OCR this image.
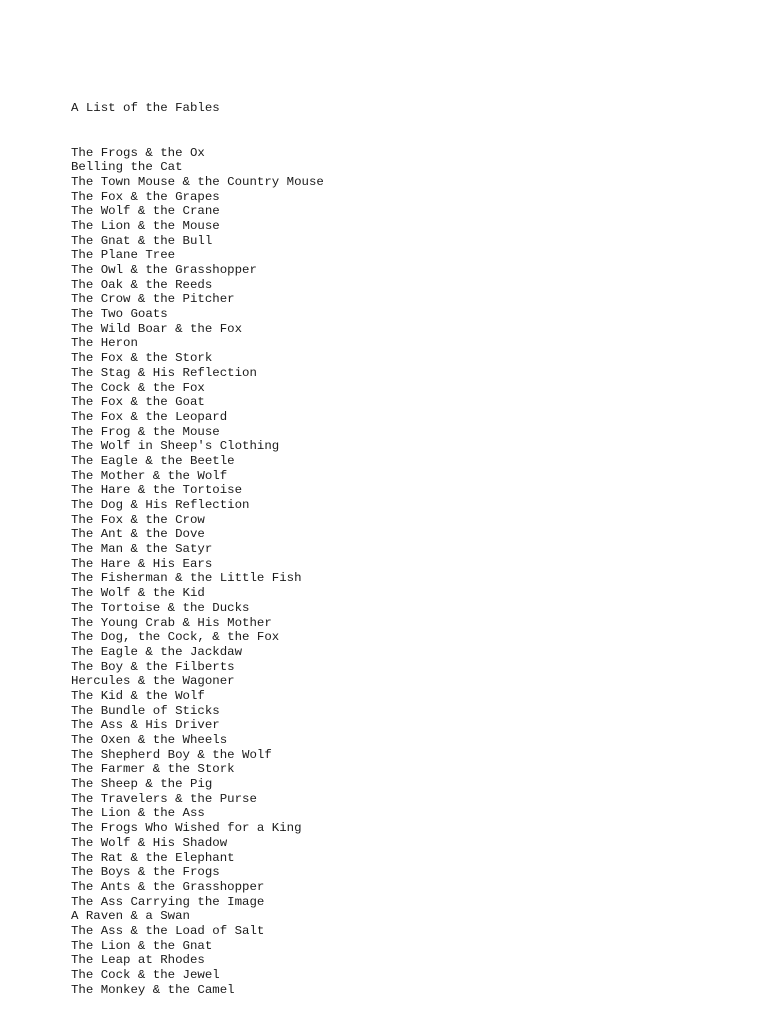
A List of the Fables

The Frogs & the Ox
Belling the Cat
The Town Mouse & the Country Mouse
The Fox & the Grapes
The Wolf & the Crane
The Lion & the Mouse
The Gnat & the Bull
The Plane Tree
The Owl & the Grasshopper
The Oak & the Reeds
The Crow & the Pitcher
The Two Goats
The Wild Boar & the Fox
The Heron
The Fox & the Stork
The Stag & His Reflection
The Cock & the Fox
The Fox & the Goat
The Fox & the Leopard
The Frog & the Mouse
The Wolf in Sheep's Clothing
The Eagle & the Beetle
The Mother & the Wolf
The Hare & the Tortoise
The Dog & His Reflection
The Fox & the Crow
The Ant & the Dove
The Man & the Satyr
The Hare & His Ears
The Fisherman & the Little Fish
The Wolf & the Kid
The Tortoise & the Ducks
The Young Crab & His Mother
The Dog, the Cock, & the Fox
The Eagle & the Jackdaw
The Boy & the Filberts
Hercules & the Wagoner
The Kid & the Wolf
The Bundle of Sticks
The Ass & His Driver
The Oxen & the Wheels
The Shepherd Boy & the Wolf
The Farmer & the Stork
The Sheep & the Pig
The Travelers & the Purse
The Lion & the Ass
The Frogs Who Wished for a King
The Wolf & His Shadow
The Rat & the Elephant
The Boys & the Frogs
The Ants & the Grasshopper
The Ass Carrying the Image
A Raven & a Swan
The Ass & the Load of Salt
The Lion & the Gnat
The Leap at Rhodes
The Cock & the Jewel
The Monkey & the Camel
